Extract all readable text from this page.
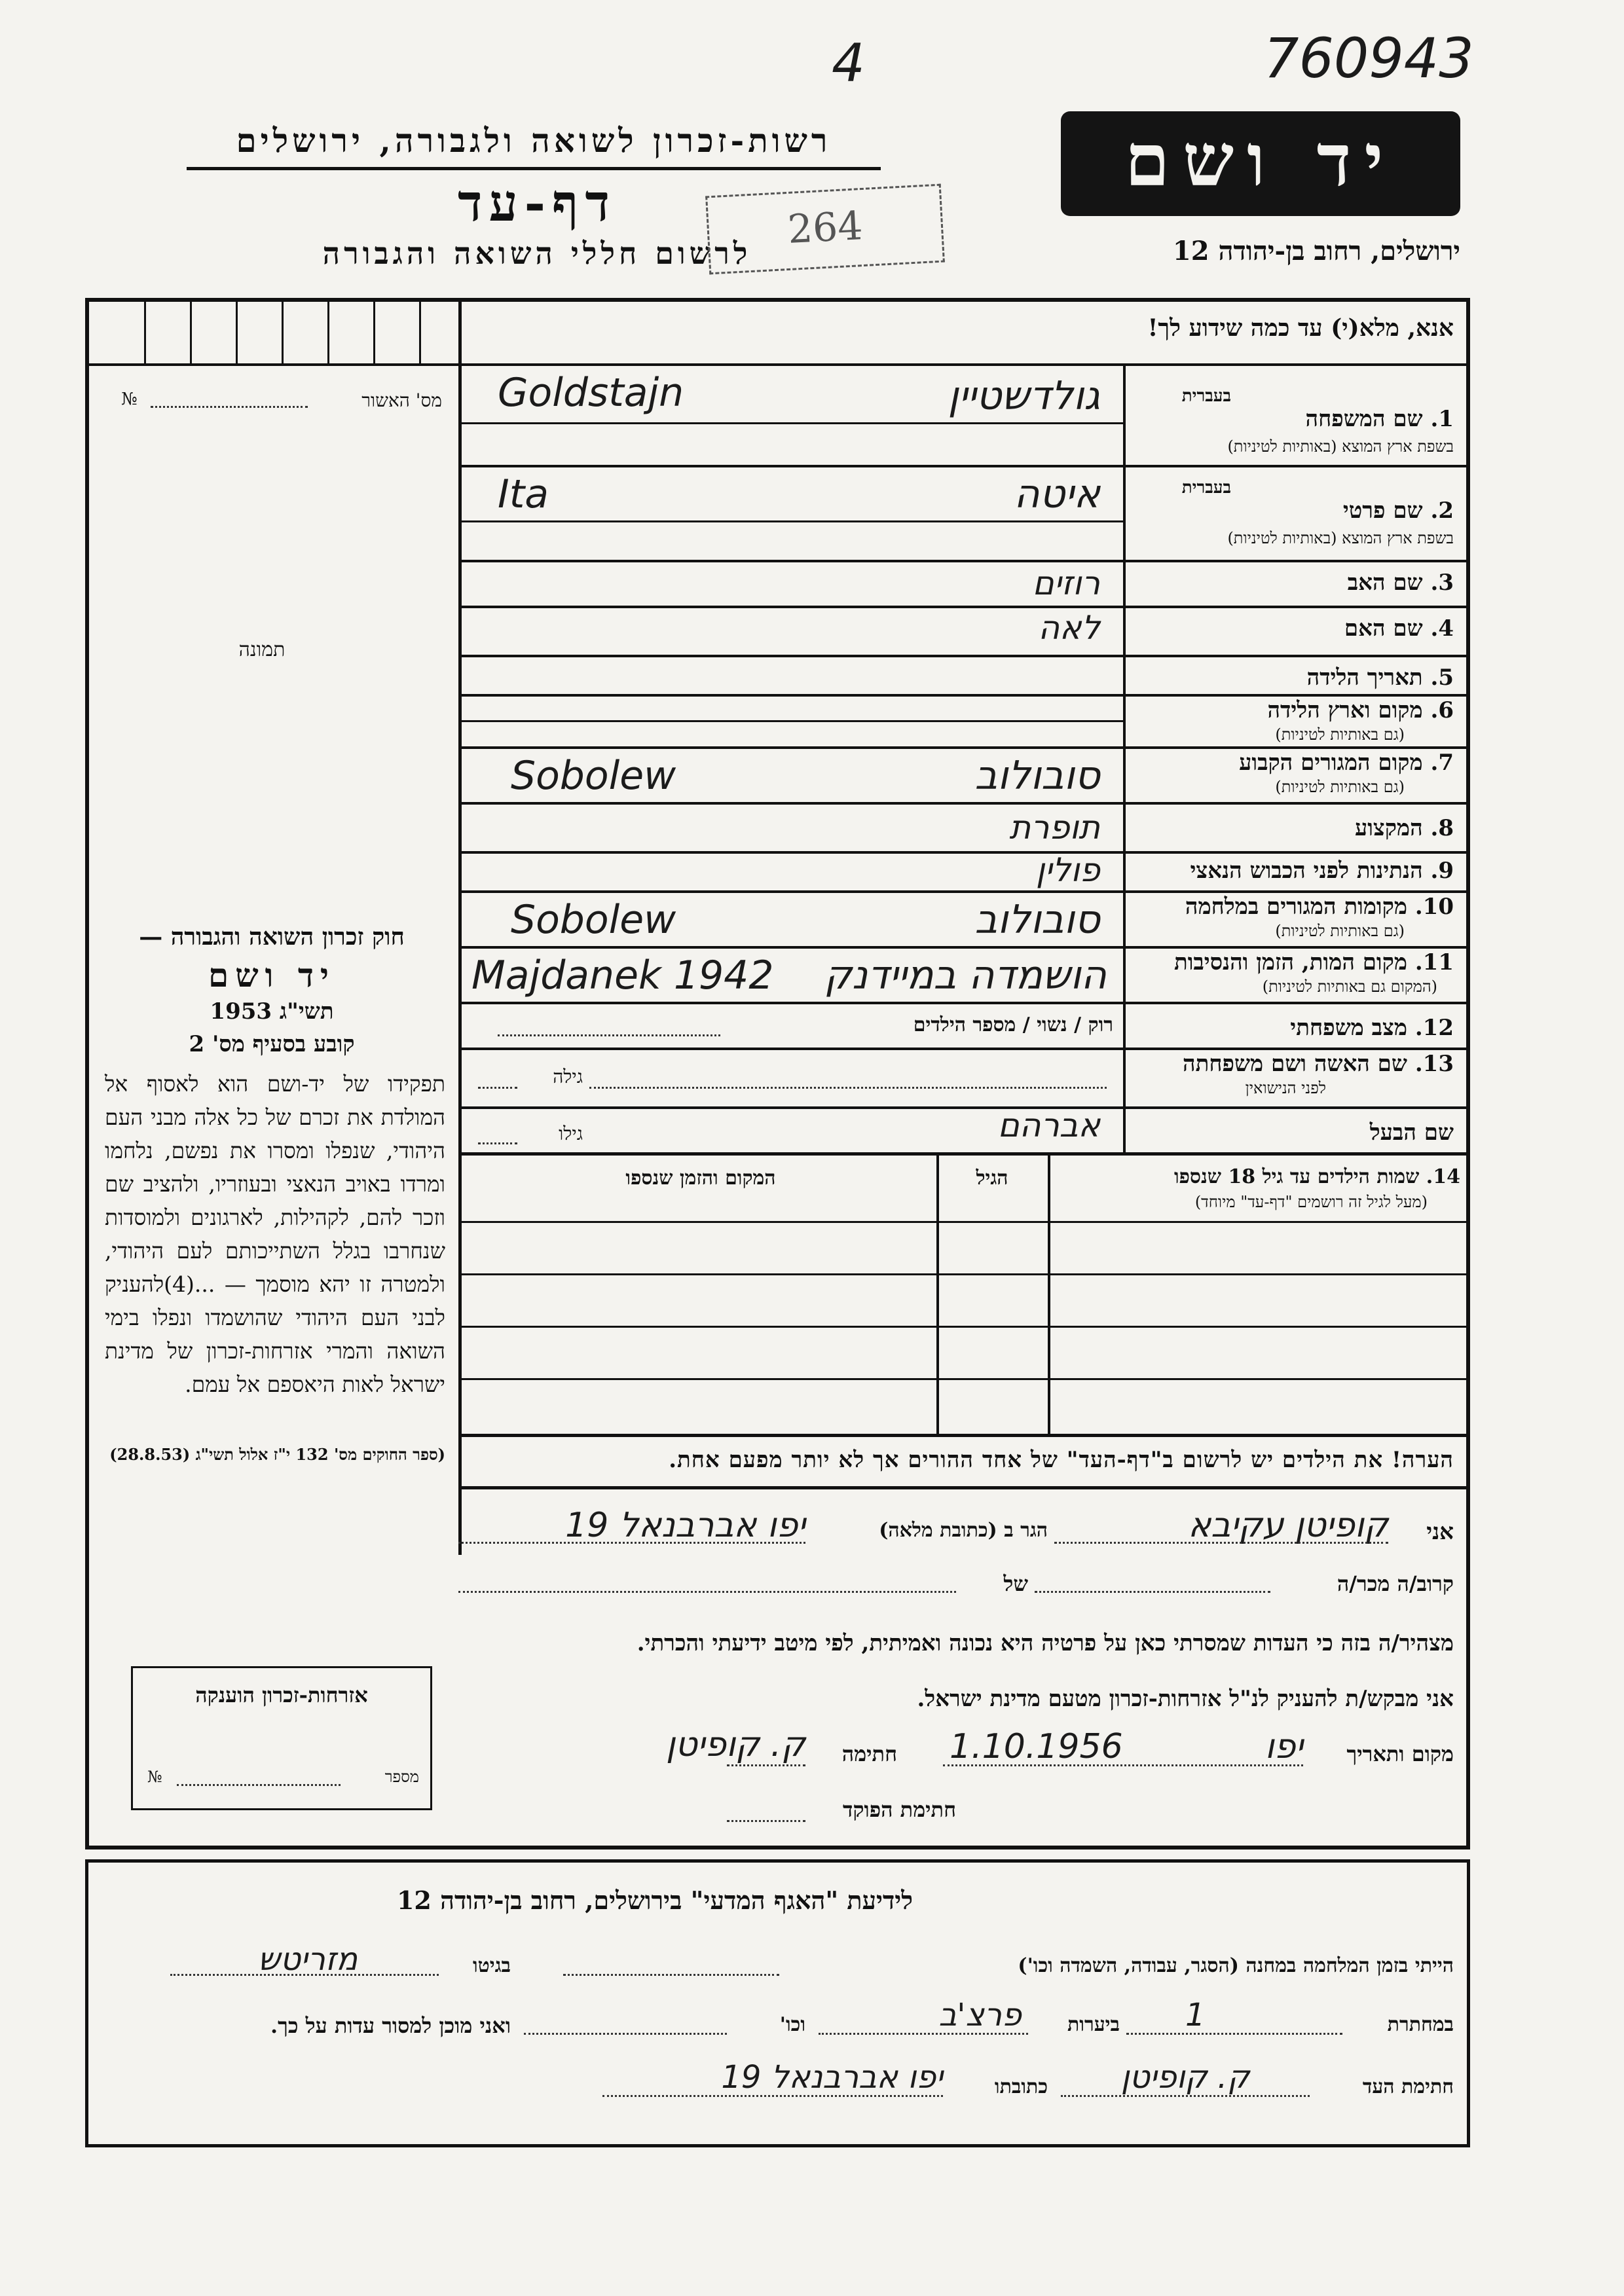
760943
4
רשות-זכרון לשואה ולגבורה, ירושלים
דף-עד
לרשום חללי השואה והגבורה
264
יד ושם
ירושלים, רחוב בן-יהודה 12
№	מס' האשור
תמונה
חוק זכרון השואה והגבורה —
יד ושם
1953 תשי"ג
קובע בסעיף מס' 2
תפקידו של יד-ושם הוא לאסוף אל המולדת את זכרם של כל אלה מבני העם היהודי, שנפלו ומסרו את נפשם, נלחמו ומרדו באויב הנאצי ובעוזריו, ולהציב שם וזכר להם, לקהילות, לארגונים ולמוסדות שנחרבו בגלל השתייכותם לעם היהודי, ולמטרה זו יהא מוסמך — ...(4)להעניק לבני העם היהודי שהושמדו ונפלו בימי השואה והמרי אזרחות-זכרון של מדינת ישראל לאות היאספם אל עמם.
(ספר החוקים מס' 132 י"ז אלול תשי"ג (28.8.53)
אזרחות-זכרון הוענקה
№	מספר
אנא, מלא(י) עד כמה שידוע לך!
בעברית
1. שם המשפחה
בשפת ארץ המוצא (באותיות לטיניות)
Goldstajn	גולדשטיין
בעברית
2. שם פרטי
בשפת ארץ המוצא (באותיות לטיניות)
Ita	איטה
3. שם האב
רוזים
4. שם האם
לאה
5. תאריך הלידה
6. מקום וארץ הלידה
(גם באותיות לטיניות)
7. מקום המגורים הקבוע
(גם באותיות לטיניות)
Sobolew	סובולוב
8. המקצוע
תופרת
9. הנתינות לפני הכבוש הנאצי
פולין
10. מקומות המגורים במלחמה
(גם באותיות לטיניות)
Sobolew	סובולוב
11. מקום המות, הזמן והנסיבות
(המקום גם באותיות לטיניות)
Majdanek 1942	הושמדה במיידנק
12. מצב משפחתי
רוק / נשוי / מספר הילדים
13. שם האשה ושם משפחתה
לפני הנישואין
גילה
שם הבעל
אברהם
גילו
14. שמות הילדים עד גיל 18 שנספו
(מעל לגיל זה רושמים "דף-עד" מיוחד)
הגיל
המקום והזמן שנספו
הערה! את הילדים יש לרשום ב"דף-העד" של אחד ההורים אך לא יותר מפעם אחת.
אני
קופיטן עקיבא
הגר ב (כתובת מלאה)
יפו אברבנאל 19
קרוב/ה מכר/ה
של
מצהיר/ה בזה כי העדות שמסרתי כאן על פרטיה היא נכונה ואמיתית, לפי מיטב ידיעתי והכרתי.
אני מבקש/ת להעניק לנ"ל אזרחות-זכרון מטעם מדינת ישראל.
מקום ותאריך
יפו
1.10.1956
חתימה
ק. קופיטן
חתימת הפוקד
לידיעת "האגף המדעי" בירושלים, רחוב בן-יהודה 12
הייתי בזמן המלחמה במחנה (הסגר, עבודה, השמדה וכו')
בגיטו
מזריטש
במחתרת
1
ביערות
פרצ'ב
וכו'
ואני מוכן למסור עדות על כך.
חתימת העד
ק. קופיטן
כתובתו
יפו אברבנאל 19
